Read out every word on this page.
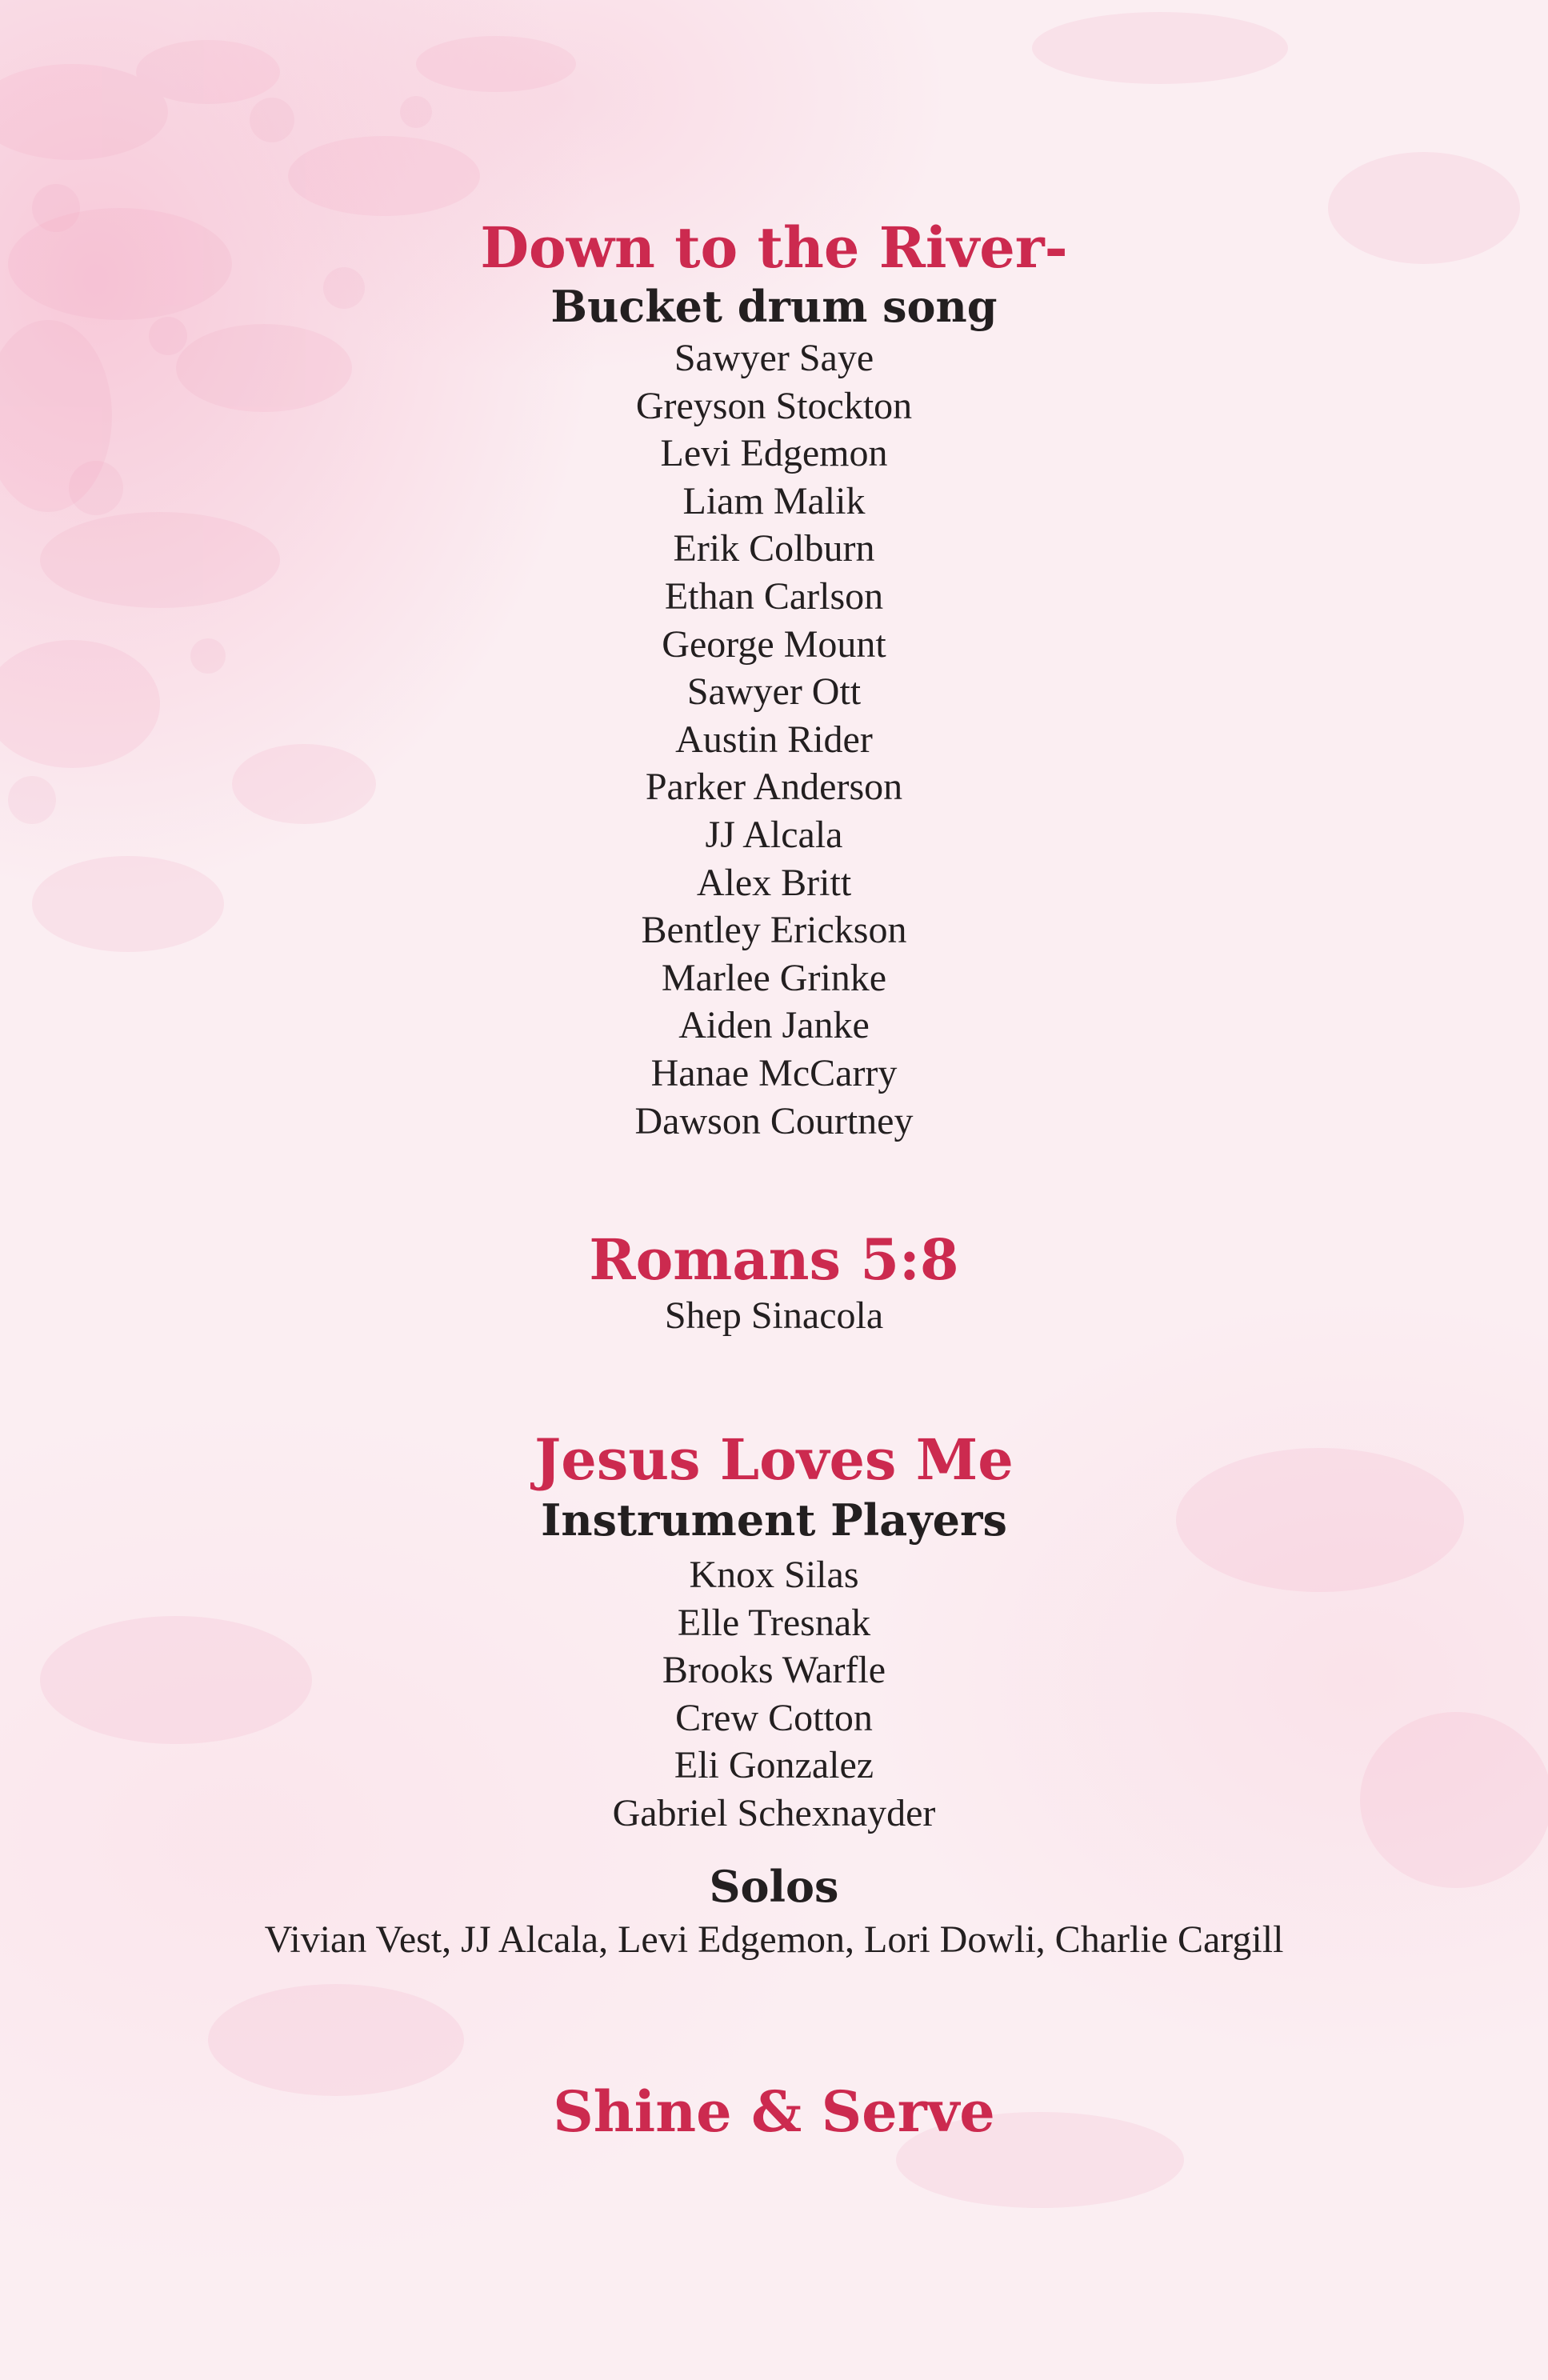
Down to the River-
Bucket drum song
Sawyer Saye
Greyson Stockton
Levi Edgemon
Liam Malik
Erik Colburn
Ethan Carlson
George Mount
Sawyer Ott
Austin Rider
Parker Anderson
JJ Alcala
Alex Britt
Bentley Erickson
Marlee Grinke
Aiden Janke
Hanae McCarry
Dawson Courtney
Romans 5:8
Shep Sinacola
Jesus Loves Me
Instrument Players
Knox Silas
Elle Tresnak
Brooks Warfle
Crew Cotton
Eli Gonzalez
Gabriel Schexnayder
Solos

Vivian Vest, JJ Alcala, Levi Edgemon, Lori Dowli, Charlie Cargill

Shine & Serve
